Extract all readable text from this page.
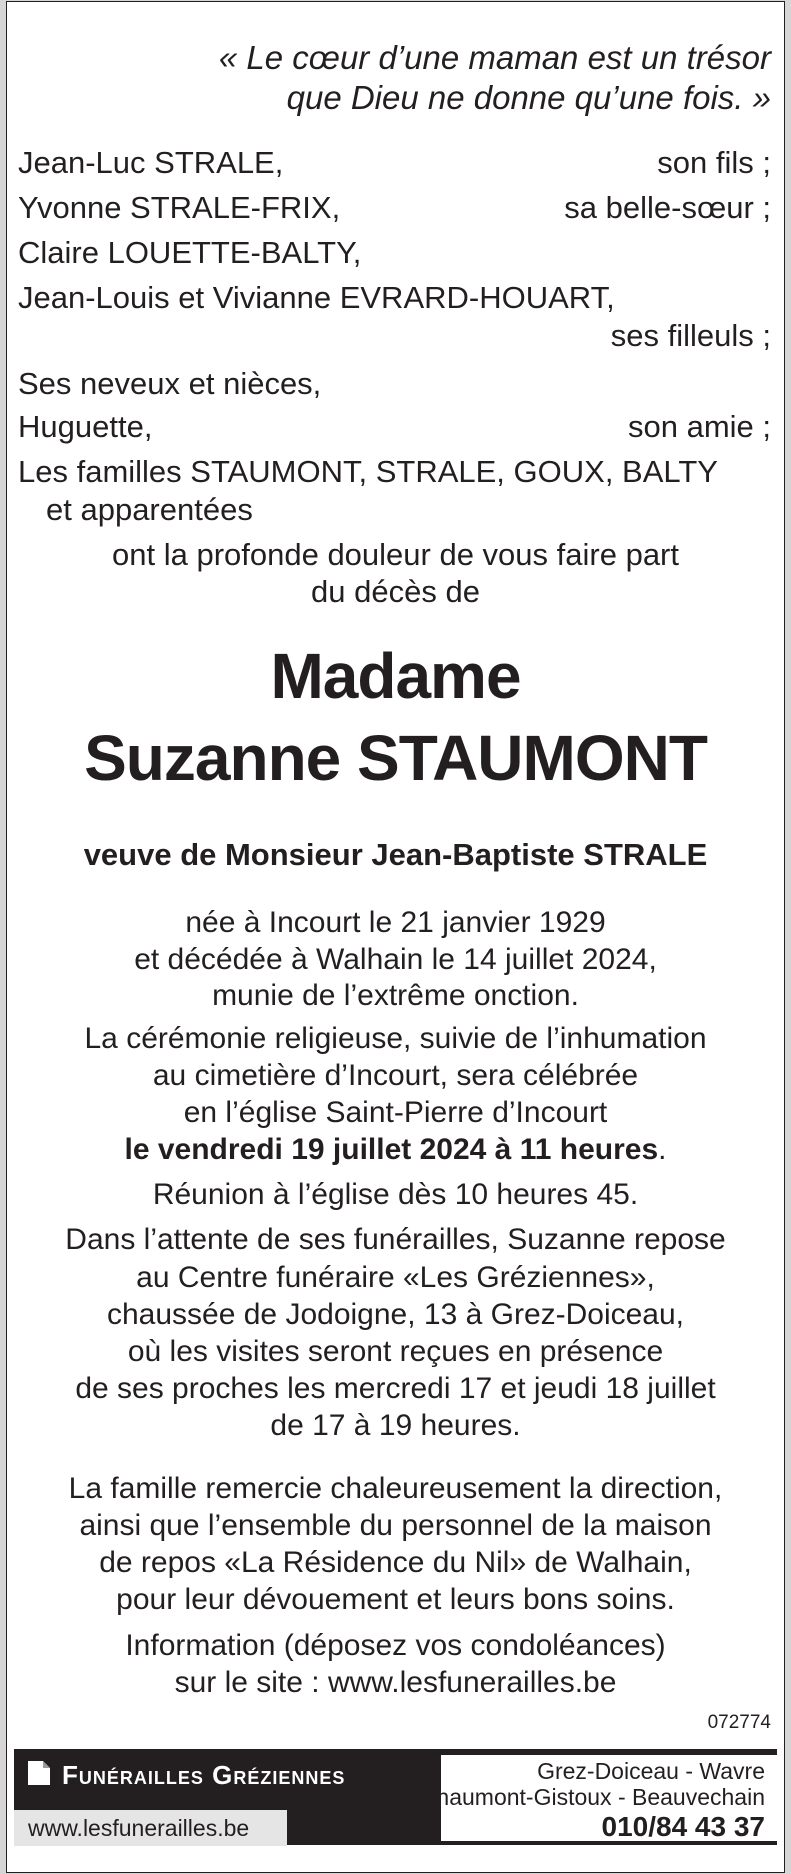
« Le cœur d’une maman est un trésor
que Dieu ne donne qu’une fois. »
Jean-Luc STRALE,	son fils ;
Yvonne STRALE-FRIX,	sa belle-sœur ;
Claire LOUETTE-BALTY,
Jean-Louis et Vivianne EVRARD-HOUART,
ses filleuls ;
Ses neveux et nièces,
Huguette,	son amie ;
Les familles STAUMONT, STRALE, GOUX, BALTY
et apparentées
ont la profonde douleur de vous faire part
du décès de
Madame
Suzanne STAUMONT
veuve de Monsieur Jean-Baptiste STRALE
née à Incourt le 21 janvier 1929
et décédée à Walhain le 14 juillet 2024,
munie de l’extrême onction.
La cérémonie religieuse, suivie de l’inhumation
au cimetière d’Incourt, sera célébrée
en l’église Saint-Pierre d’Incourt
le vendredi 19 juillet 2024 à 11 heures.
Réunion à l’église dès 10 heures 45.
Dans l’attente de ses funérailles, Suzanne repose
au Centre funéraire «Les Gréziennes»,
chaussée de Jodoigne, 13 à Grez-Doiceau,
où les visites seront reçues en présence
de ses proches les mercredi 17 et jeudi 18 juillet
de 17 à 19 heures.
La famille remercie chaleureusement la direction,
ainsi que l’ensemble du personnel de la maison
de repos «La Résidence du Nil» de Walhain,
pour leur dévouement et leurs bons soins.
Information (déposez vos condoléances)
sur le site : www.lesfunerailles.be
072774
Funérailles Gréziennes	Grez-Doiceau - Wavre
Chaumont-Gistoux - Beauvechain
010/84 43 37
www.lesfunerailles.be
